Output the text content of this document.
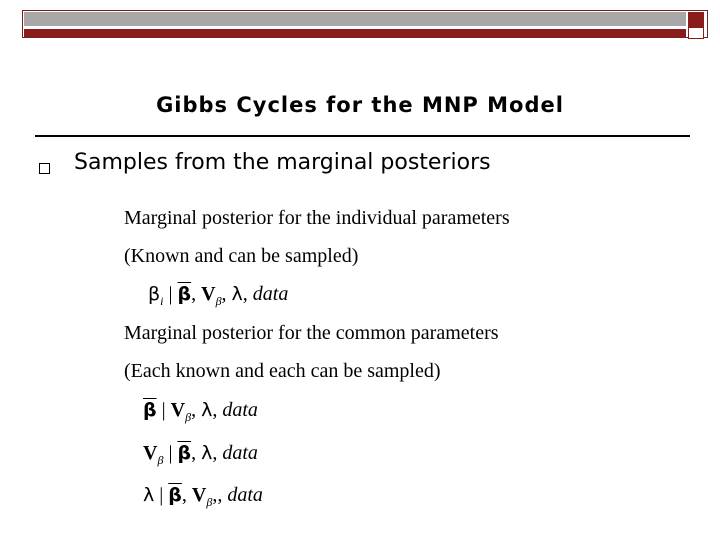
Gibbs Cycles for the MNP Model
Samples from the marginal posteriors
Marginal posterior for the individual parameters
(Known and can be sampled)
$\beta_i$ | $\overline{\beta}$, $V_\beta$, λ, data
Marginal posterior for the common parameters
(Each known and each can be sampled)
$\overline{\beta}$ | $V_\beta$, λ, data
$V_\beta$ | $\overline{\beta}$, λ, data
λ | $\overline{\beta}$, $V_\beta$,, data
